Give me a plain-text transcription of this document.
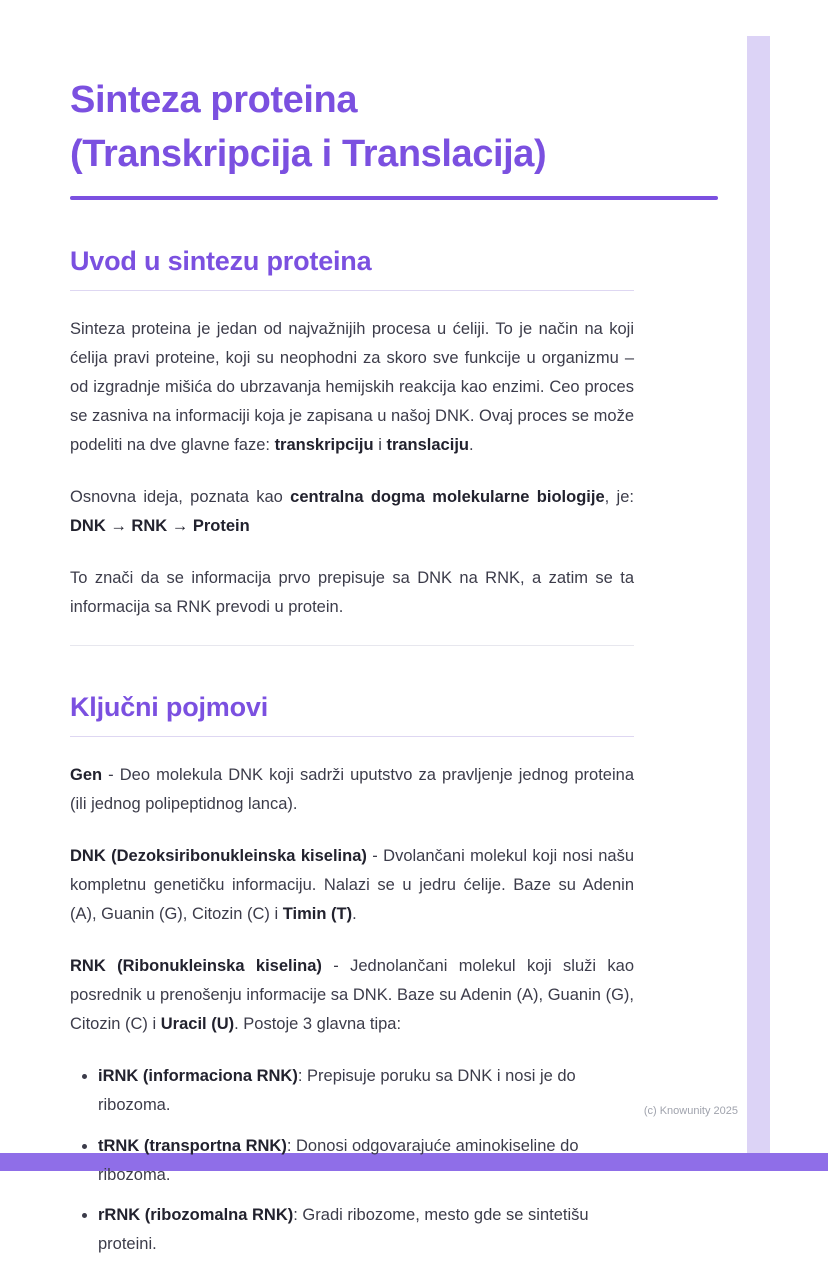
Sinteza proteina
(Transkripcija i Translacija)
Uvod u sintezu proteina

Sinteza proteina je jedan od najvažnijih procesa u ćeliji. To je način na koji ćelija pravi proteine, koji su neophodni za skoro sve funkcije u organizmu – od izgradnje mišića do ubrzavanja hemijskih reakcija kao enzimi. Ceo proces se zasniva na informaciji koja je zapisana u našoj DNK. Ovaj proces se može podeliti na dve glavne faze: transkripciju i translaciju.

Osnovna ideja, poznata kao centralna dogma molekularne biologije, je: DNK → RNK → Protein

To znači da se informacija prvo prepisuje sa DNK na RNK, a zatim se ta informacija sa RNK prevodi u protein.

Ključni pojmovi

Gen - Deo molekula DNK koji sadrži uputstvo za pravljenje jednog proteina (ili jednog polipeptidnog lanca).

DNK (Dezoksiribonukleinska kiselina) - Dvolančani molekul koji nosi našu kompletnu genetičku informaciju. Nalazi se u jedru ćelije. Baze su Adenin (A), Guanin (G), Citozin (C) i Timin (T).

RNK (Ribonukleinska kiselina) - Jednolančani molekul koji služi kao posrednik u prenošenju informacije sa DNK. Baze su Adenin (A), Guanin (G), Citozin (C) i Uracil (U). Postoje 3 glavna tipa:

• iRNK (informaciona RNK): Prepisuje poruku sa DNK i nosi je do ribozoma.
• tRNK (transportna RNK): Donosi odgovarajuće aminokiseline do ribozoma.
• rRNK (ribozomalna RNK): Gradi ribozome, mesto gde se sintetišu proteini.
(c) Knowunity 2025
